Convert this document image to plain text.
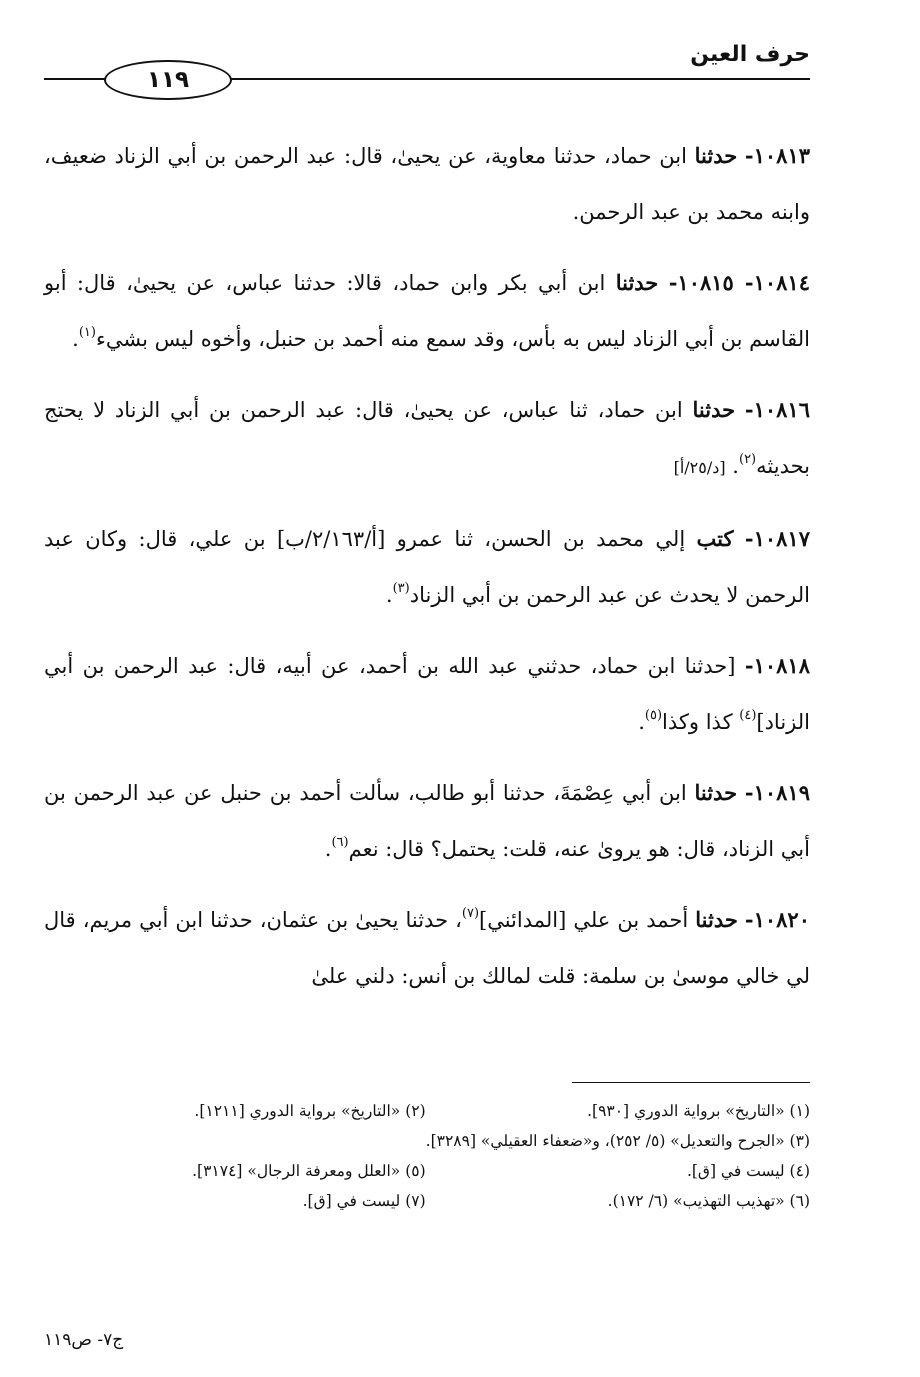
حرف العين
١١٩

١٠٨١٣- حدثنا ابن حماد، حدثنا معاوية، عن يحيىٰ، قال: عبد الرحمن بن أبي الزناد ضعيف، وابنه محمد بن عبد الرحمن.

١٠٨١٤- ١٠٨١٥- حدثنا ابن أبي بكر وابن حماد، قالا: حدثنا عباس، عن يحيىٰ، قال: أبو القاسم بن أبي الزناد ليس به بأس، وقد سمع منه أحمد بن حنبل، وأخوه ليس بشيء$^{(١)}$.

١٠٨١٦- حدثنا ابن حماد، ثنا عباس، عن يحيىٰ، قال: عبد الرحمن بن أبي الزناد لا يحتج بحديثه$^{(٢)}$. [د/٢٥/أ]

١٠٨١٧- كتب إلي محمد بن الحسن، ثنا عمرو [أ/٢/١٦٣/ب] بن علي، قال: وكان عبد الرحمن لا يحدث عن عبد الرحمن بن أبي الزناد$^{(٣)}$.

١٠٨١٨- [حدثنا ابن حماد، حدثني عبد الله بن أحمد، عن أبيه، قال: عبد الرحمن بن أبي الزناد]$^{(٤)}$ كذا وكذا$^{(٥)}$.

١٠٨١٩- حدثنا ابن أبي عِصْمَةَ، حدثنا أبو طالب، سألت أحمد بن حنبل عن عبد الرحمن بن أبي الزناد، قال: هو يروىٰ عنه، قلت: يحتمل؟ قال: نعم$^{(٦)}$.

١٠٨٢٠- حدثنا أحمد بن علي [المدائني]$^{(٧)}$، حدثنا يحيىٰ بن عثمان، حدثنا ابن أبي مريم، قال لي خالي موسىٰ بن سلمة: قلت لمالك بن أنس: دلني علىٰ

(١) «التاريخ» برواية الدوري [٩٣٠].
(٢) «التاريخ» برواية الدوري [١٢١١].
(٣) «الجرح والتعديل» (٥/ ٢٥٢)، و«ضعفاء العقيلي» [٣٢٨٩].
(٤) ليست في [ق].
(٥) «العلل ومعرفة الرجال» [٣١٧٤].
(٦) «تهذيب التهذيب» (٦/ ١٧٢).
(٧) ليست في [ق].
ج٧- ص١١٩
